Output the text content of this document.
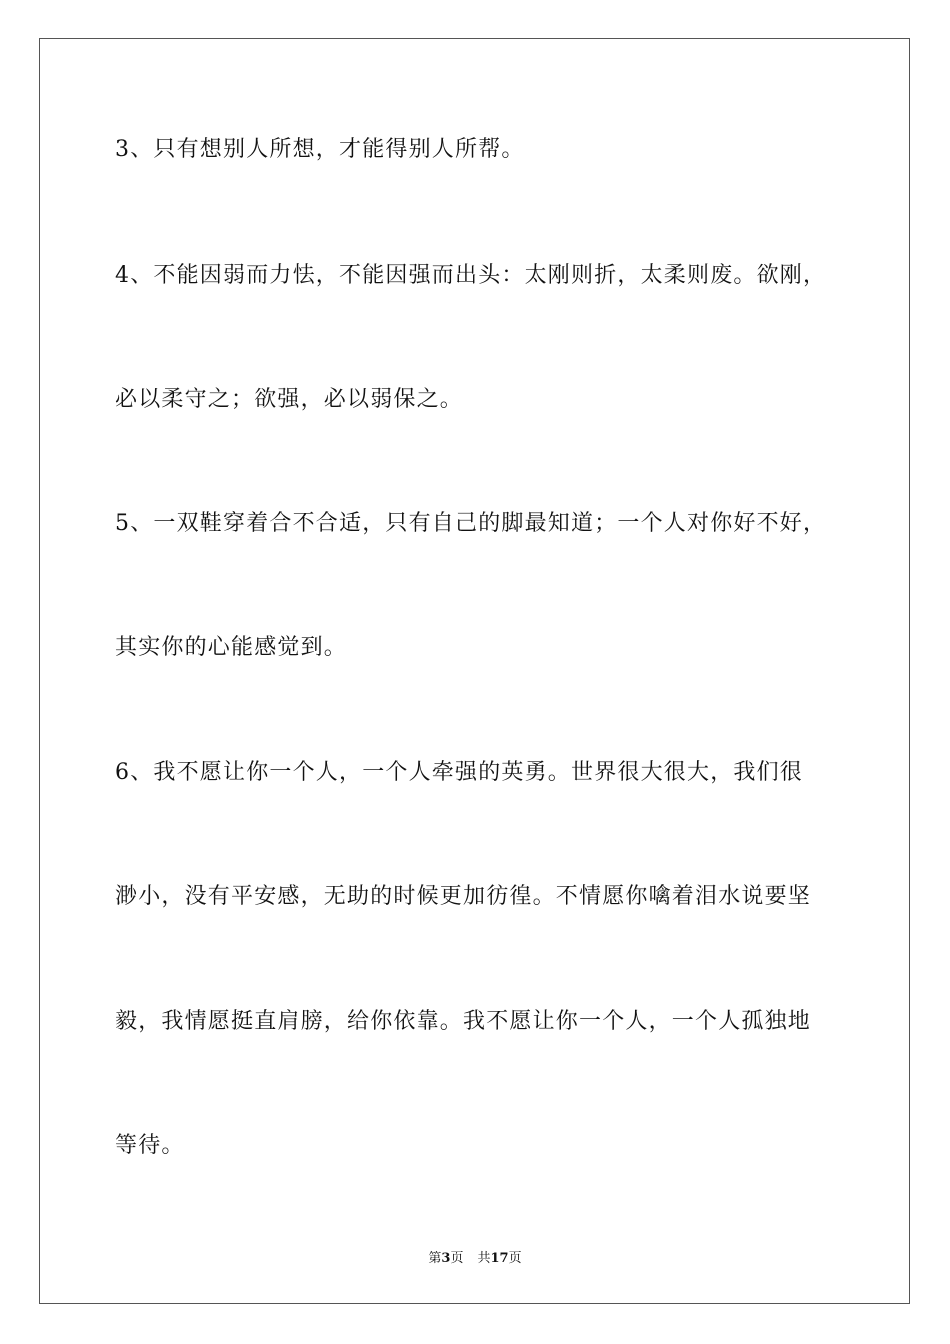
3、只有想别人所想，才能得别人所帮。
4、不能因弱而力怯，不能因强而出头：太刚则折，太柔则废。欲刚，
必以柔守之；欲强，必以弱保之。
5、一双鞋穿着合不合适，只有自己的脚最知道；一个人对你好不好，
其实你的心能感觉到。
6、我不愿让你一个人，一个人牵强的英勇。世界很大很大，我们很
渺小，没有平安感，无助的时候更加彷徨。不情愿你噙着泪水说要坚
毅，我情愿挺直肩膀，给你依靠。我不愿让你一个人，一个人孤独地
等待。
第3页 共17页
